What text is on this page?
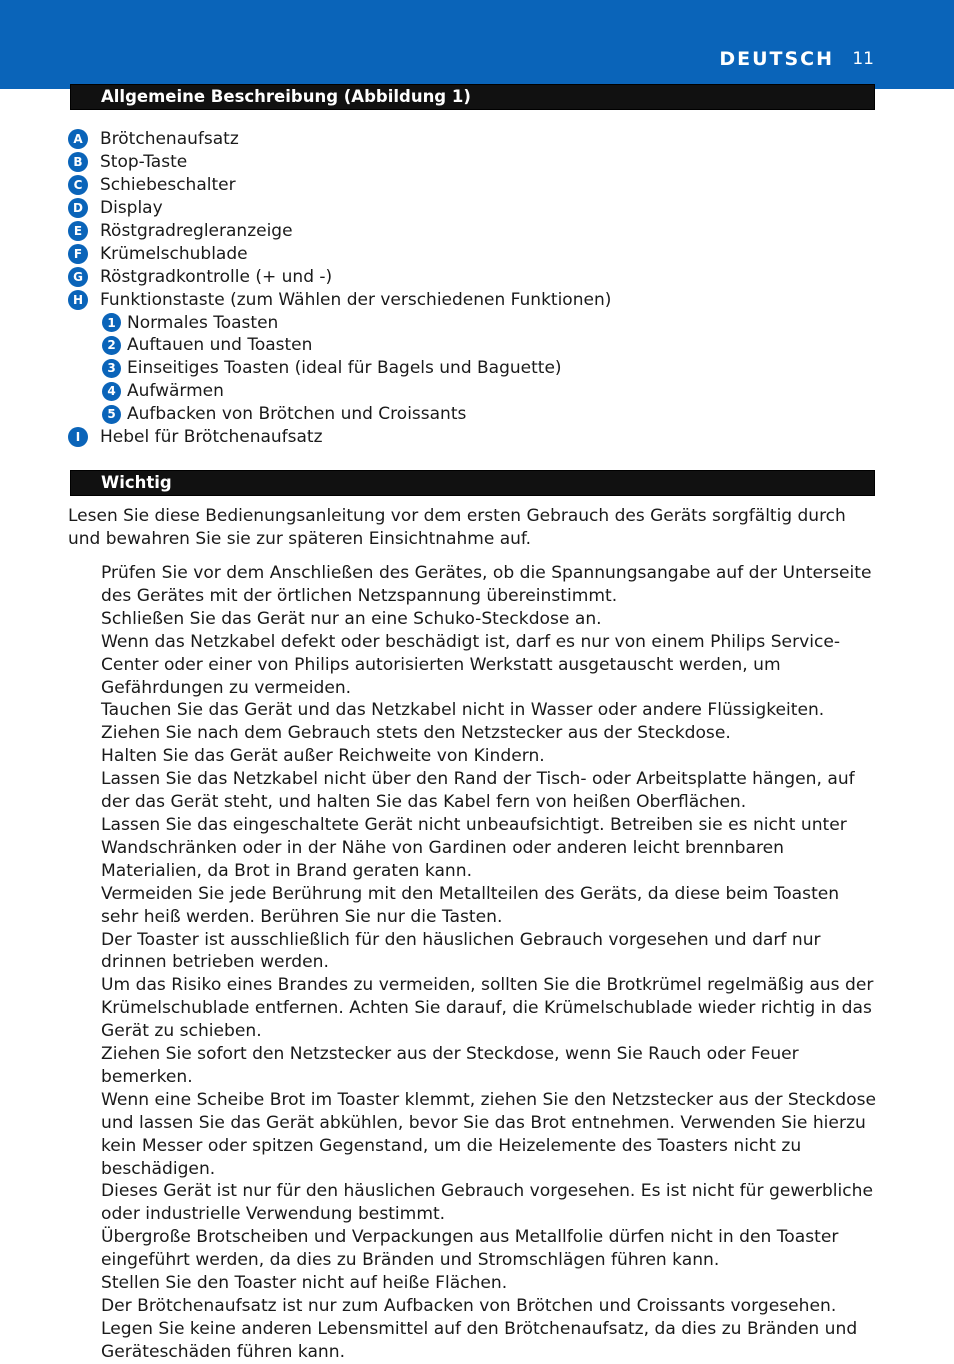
DEUTSCH 11
Allgemeine Beschreibung (Abbildung 1)
A	Brötchenaufsatz
B	Stop-Taste
C	Schiebeschalter
D Display
E	Röstgradregleranzeige
F	Krümelschublade
G Röstgradkontrolle (+ und -)
H Funktionstaste (zum Wählen der verschiedenen Funktionen)
1 Normales Toasten
2 Auftauen und Toasten
3 Einseitiges Toasten (ideal für Bagels und Baguette)
4 Aufwärmen
5 Aufbacken von Brötchen und Croissants
I	Hebel für Brötchenaufsatz
Wichtig
Lesen Sie diese Bedienungsanleitung vor dem ersten Gebrauch des Geräts sorgfältig durch und bewahren Sie sie zur späteren Einsichtnahme auf.

Prüfen Sie vor dem Anschließen des Gerätes, ob die Spannungsangabe auf der Unterseite des Gerätes mit der örtlichen Netzspannung übereinstimmt.

Schließen Sie das Gerät nur an eine Schuko-Steckdose an.

Wenn das Netzkabel defekt oder beschädigt ist, darf es nur von einem Philips Service-Center oder einer von Philips autorisierten Werkstatt ausgetauscht werden, um Gefährdungen zu vermeiden.

Tauchen Sie das Gerät und das Netzkabel nicht in Wasser oder andere Flüssigkeiten.

Ziehen Sie nach dem Gebrauch stets den Netzstecker aus der Steckdose.

Halten Sie das Gerät außer Reichweite von Kindern.

Lassen Sie das Netzkabel nicht über den Rand der Tisch- oder Arbeitsplatte hängen, auf der das Gerät steht, und halten Sie das Kabel fern von heißen Oberflächen.

Lassen Sie das eingeschaltete Gerät nicht unbeaufsichtigt. Betreiben sie es nicht unter Wandschränken oder in der Nähe von Gardinen oder anderen leicht brennbaren Materialien, da Brot in Brand geraten kann.

Vermeiden Sie jede Berührung mit den Metallteilen des Geräts, da diese beim Toasten sehr heiß werden. Berühren Sie nur die Tasten.

Der Toaster ist ausschließlich für den häuslichen Gebrauch vorgesehen und darf nur drinnen betrieben werden.

Um das Risiko eines Brandes zu vermeiden, sollten Sie die Brotkrümel regelmäßig aus der Krümelschublade entfernen. Achten Sie darauf, die Krümelschublade wieder richtig in das Gerät zu schieben.

Ziehen Sie sofort den Netzstecker aus der Steckdose, wenn Sie Rauch oder Feuer bemerken.

Wenn eine Scheibe Brot im Toaster klemmt, ziehen Sie den Netzstecker aus der Steckdose und lassen Sie das Gerät abkühlen, bevor Sie das Brot entnehmen. Verwenden Sie hierzu kein Messer oder spitzen Gegenstand, um die Heizelemente des Toasters nicht zu beschädigen.

Dieses Gerät ist nur für den häuslichen Gebrauch vorgesehen. Es ist nicht für gewerbliche oder industrielle Verwendung bestimmt.

Übergroße Brotscheiben und Verpackungen aus Metallfolie dürfen nicht in den Toaster eingeführt werden, da dies zu Bränden und Stromschlägen führen kann.

Stellen Sie den Toaster nicht auf heiße Flächen.

Der Brötchenaufsatz ist nur zum Aufbacken von Brötchen und Croissants vorgesehen. Legen Sie keine anderen Lebensmittel auf den Brötchenaufsatz, da dies zu Bränden und Geräteschäden führen kann.
